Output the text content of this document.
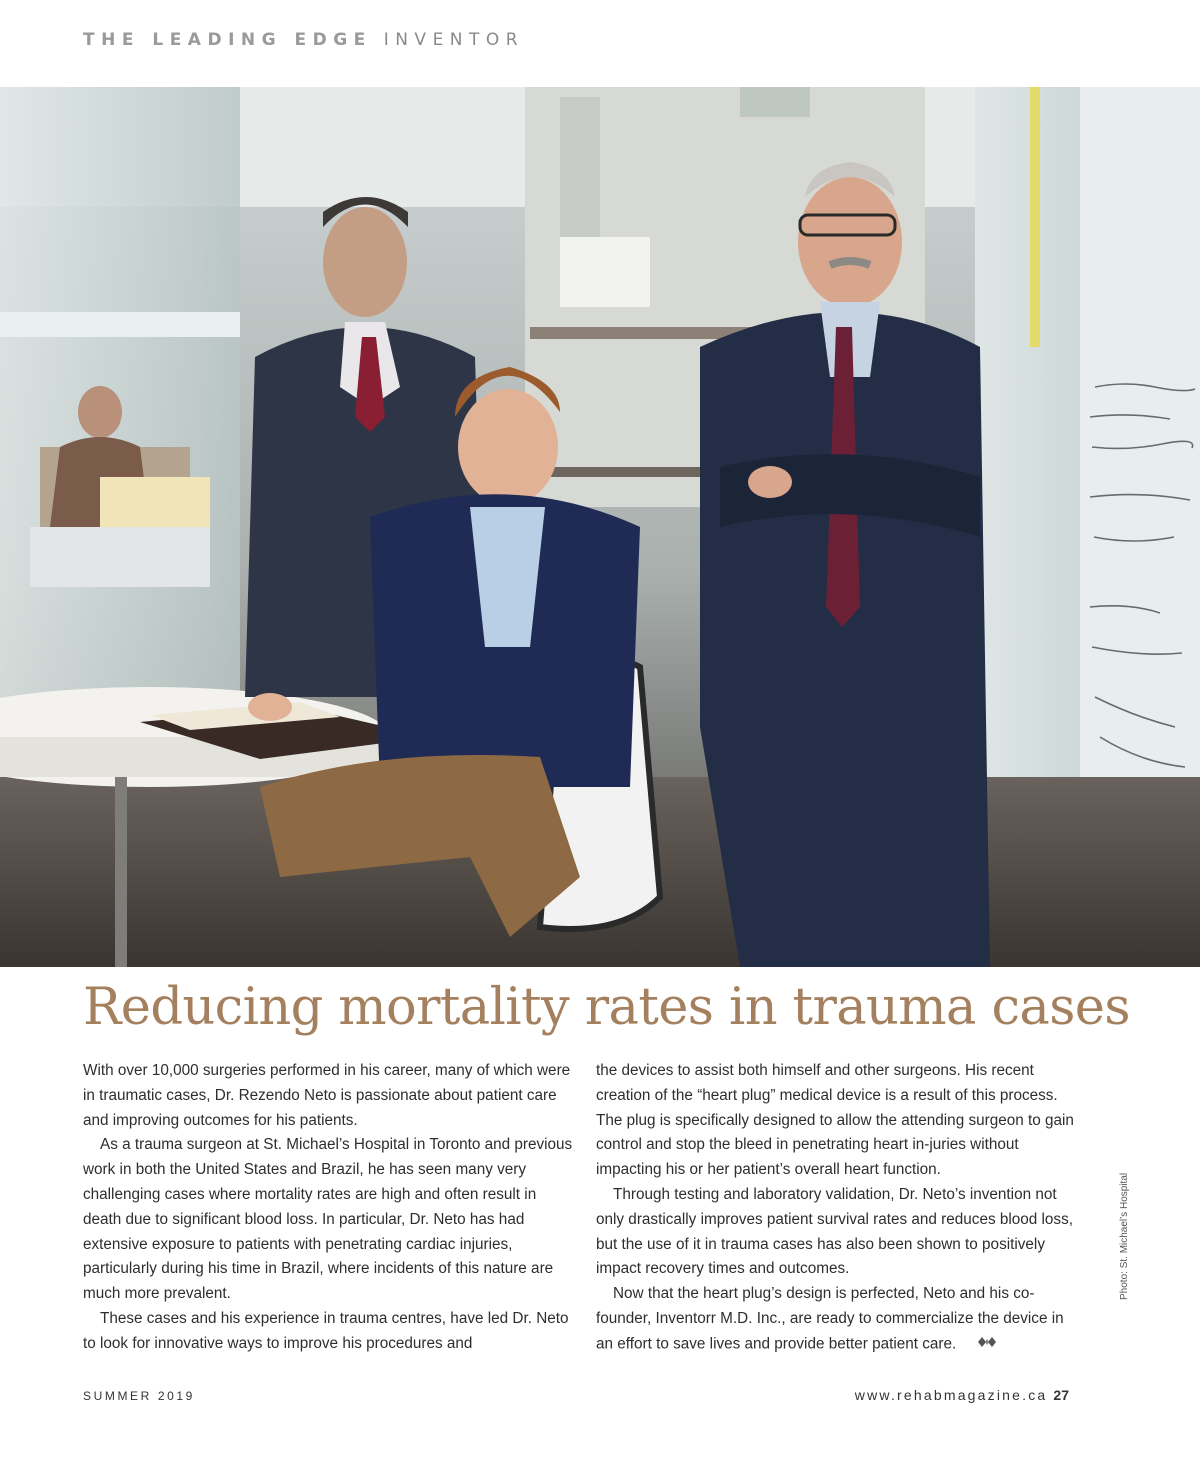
THE LEADING EDGE INVENTOR
Reducing mortality rates in trauma cases

With over 10,000 surgeries performed in his career, many of which were in traumatic cases, Dr. Rezendo Neto is passionate about patient care and improving outcomes for his patients.

As a trauma surgeon at St. Michael’s Hospital in Toronto and previous work in both the United States and Brazil, he has seen many very challenging cases where mortality rates are high and often result in death due to significant blood loss. In particular, Dr. Neto has had extensive exposure to patients with penetrating cardiac injuries, particularly during his time in Brazil, where incidents of this nature are much more prevalent.

These cases and his experience in trauma centres, have led Dr. Neto to look for innovative ways to improve his procedures and

the devices to assist both himself and other surgeons. His recent creation of the “heart plug” medical device is a result of this process. The plug is specifically designed to allow the attending surgeon to gain control and stop the bleed in penetrating heart in-juries without impacting his or her patient’s overall heart function.

Through testing and laboratory validation, Dr. Neto’s invention not only drastically improves patient survival rates and reduces blood loss, but the use of it in trauma cases has also been shown to positively impact recovery times and outcomes.

Now that the heart plug’s design is perfected, Neto and his co-founder, Inventorr M.D. Inc., are ready to commercialize the device in an effort to save lives and provide better patient care.

Photo: St. Michael’s Hospital
SUMMER 2019	www.rehabmagazine.ca 27
